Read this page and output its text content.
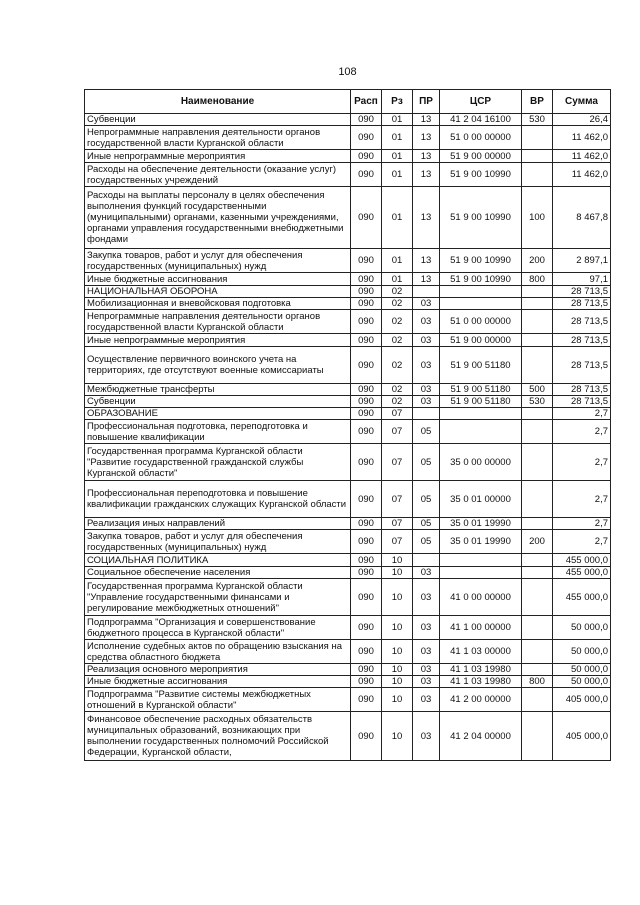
108
Наименование	Расп	Рз	ПР	ЦСР	ВР	Сумма
Субвенции	090	01	13	41 2 04 16100	530	26,4
Непрограммные направления деятельности органов государственной власти Курганской области	090	01	13	51 0 00 00000		11 462,0
Иные непрограммные мероприятия	090	01	13	51 9 00 00000		11 462,0
Расходы на обеспечение деятельности (оказание услуг) государственных учреждений	090	01	13	51 9 00 10990		11 462,0
Расходы на выплаты персоналу в целях обеспечения выполнения функций государственными (муниципальными) органами, казенными учреждениями, органами управления государственными внебюджетными фондами	090	01	13	51 9 00 10990	100	8 467,8
Закупка товаров, работ и услуг для обеспечения государственных (муниципальных) нужд	090	01	13	51 9 00 10990	200	2 897,1
Иные бюджетные ассигнования	090	01	13	51 9 00 10990	800	97,1
НАЦИОНАЛЬНАЯ ОБОРОНА	090	02				28 713,5
Мобилизационная и вневойсковая подготовка	090	02	03			28 713,5
Непрограммные направления деятельности органов государственной власти Курганской области	090	02	03	51 0 00 00000		28 713,5
Иные непрограммные мероприятия	090	02	03	51 9 00 00000		28 713,5
Осуществление первичного воинского учета на территориях, где отсутствуют военные комиссариаты	090	02	03	51 9 00 51180		28 713,5
Межбюджетные трансферты	090	02	03	51 9 00 51180	500	28 713,5
Субвенции	090	02	03	51 9 00 51180	530	28 713,5
ОБРАЗОВАНИЕ	090	07				2,7
Профессиональная подготовка, переподготовка и повышение квалификации	090	07	05			2,7
Государственная программа Курганской области "Развитие государственной гражданской службы Курганской области"	090	07	05	35 0 00 00000		2,7
Профессиональная переподготовка и повышение квалификации гражданских служащих Курганской области	090	07	05	35 0 01 00000		2,7
Реализация иных направлений	090	07	05	35 0 01 19990		2,7
Закупка товаров, работ и услуг для обеспечения государственных (муниципальных) нужд	090	07	05	35 0 01 19990	200	2,7
СОЦИАЛЬНАЯ ПОЛИТИКА	090	10				455 000,0
Социальное обеспечение населения	090	10	03			455 000,0
Государственная программа Курганской области "Управление государственными финансами и регулирование межбюджетных отношений"	090	10	03	41 0 00 00000		455 000,0
Подпрограмма "Организация и совершенствование бюджетного процесса в Курганской области"	090	10	03	41 1 00 00000		50 000,0
Исполнение судебных актов по обращению взыскания на средства областного бюджета	090	10	03	41 1 03 00000		50 000,0
Реализация основного мероприятия	090	10	03	41 1 03 19980		50 000,0
Иные бюджетные ассигнования	090	10	03	41 1 03 19980	800	50 000,0
Подпрограмма "Развитие системы межбюджетных отношений в Курганской области"	090	10	03	41 2 00 00000		405 000,0
Финансовое обеспечение расходных обязательств муниципальных образований, возникающих при выполнении государственных полномочий Российской Федерации, Курганской области,	090	10	03	41 2 04 00000		405 000,0
